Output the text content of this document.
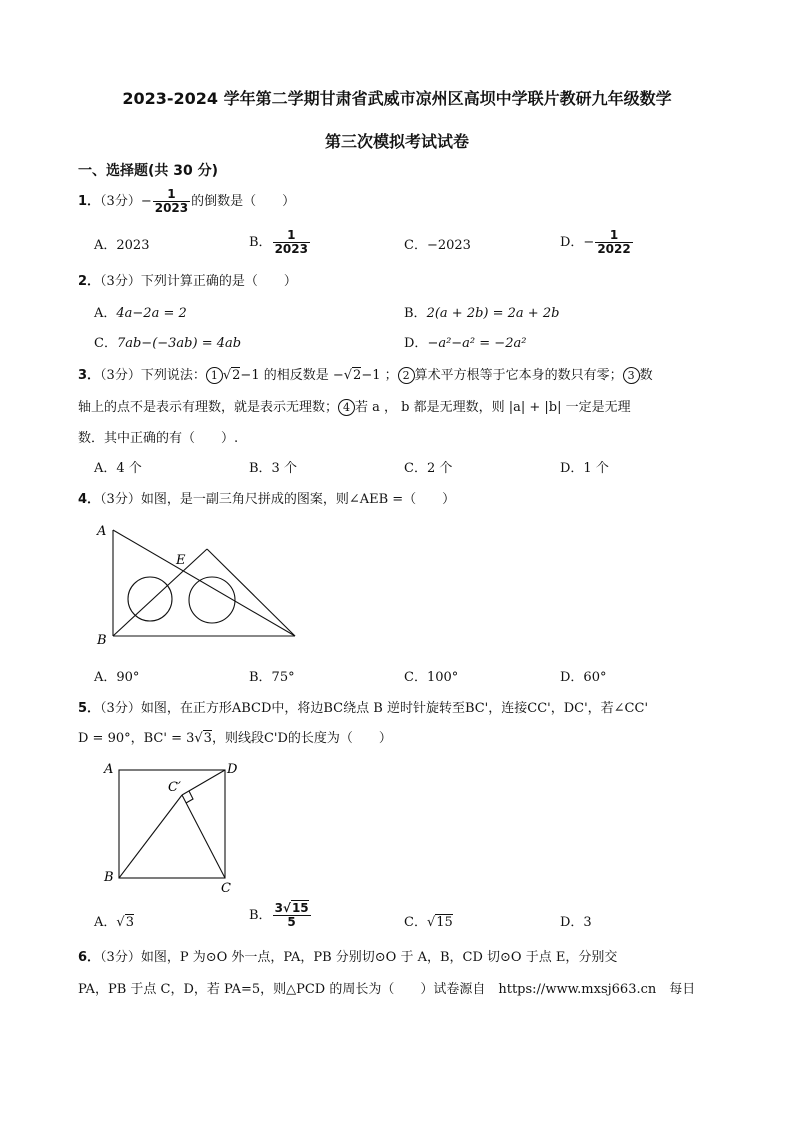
2023-2024 学年第二学期甘肃省武威市凉州区高坝中学联片教研九年级数学
第三次模拟考试试卷
一、选择题(共 30 分)
1．（3分）− $\frac{1}{2023}$ 的倒数是（　　）
A．2023	B． $\frac{1}{2023}$	C．−2023	D．− $\frac{1}{2022}$
2．（3分）下列计算正确的是（　　）
A．4a−2a = 2	B．2(a + 2b) = 2a + 2b
C．7ab−(−3ab) = 4ab	D．−a²−a² = −2a²
3．（3分）下列说法： 1 √2−1 的相反数是 −√2−1 ； 2 算术平方根等于它本身的数只有零； 3 数
轴上的点不是表示有理数，就是表示无理数； 4 若 a ， b 都是无理数，则 |a| + |b| 一定是无理
数．其中正确的有（　　）.
A．4 个	B．3 个	C．2 个	D．1 个
4．（3分）如图，是一副三角尺拼成的图案，则∠AEB =（　　）
A
B
E
A．90°	B．75°	C．100°	D．60°
5．（3分）如图，在正方形ABCD中，将边BC绕点 B 逆时针旋转至BC'，连接CC'，DC'，若∠CC'
D = 90°，BC' = 3√3，则线段C'D的长度为（　　）
A	D
B
C
C′
A．√3	B． $\frac{3√15}{5}$	C．√15	D．3
6．（3分）如图，P 为⊙O 外一点，PA，PB 分别切⊙O 于 A，B，CD 切⊙O 于点 E，分别交
PA，PB 于点 C，D，若 PA=5，则△PCD 的周长为（　　）试卷源自　https://www.mxsj663.cn　每日
